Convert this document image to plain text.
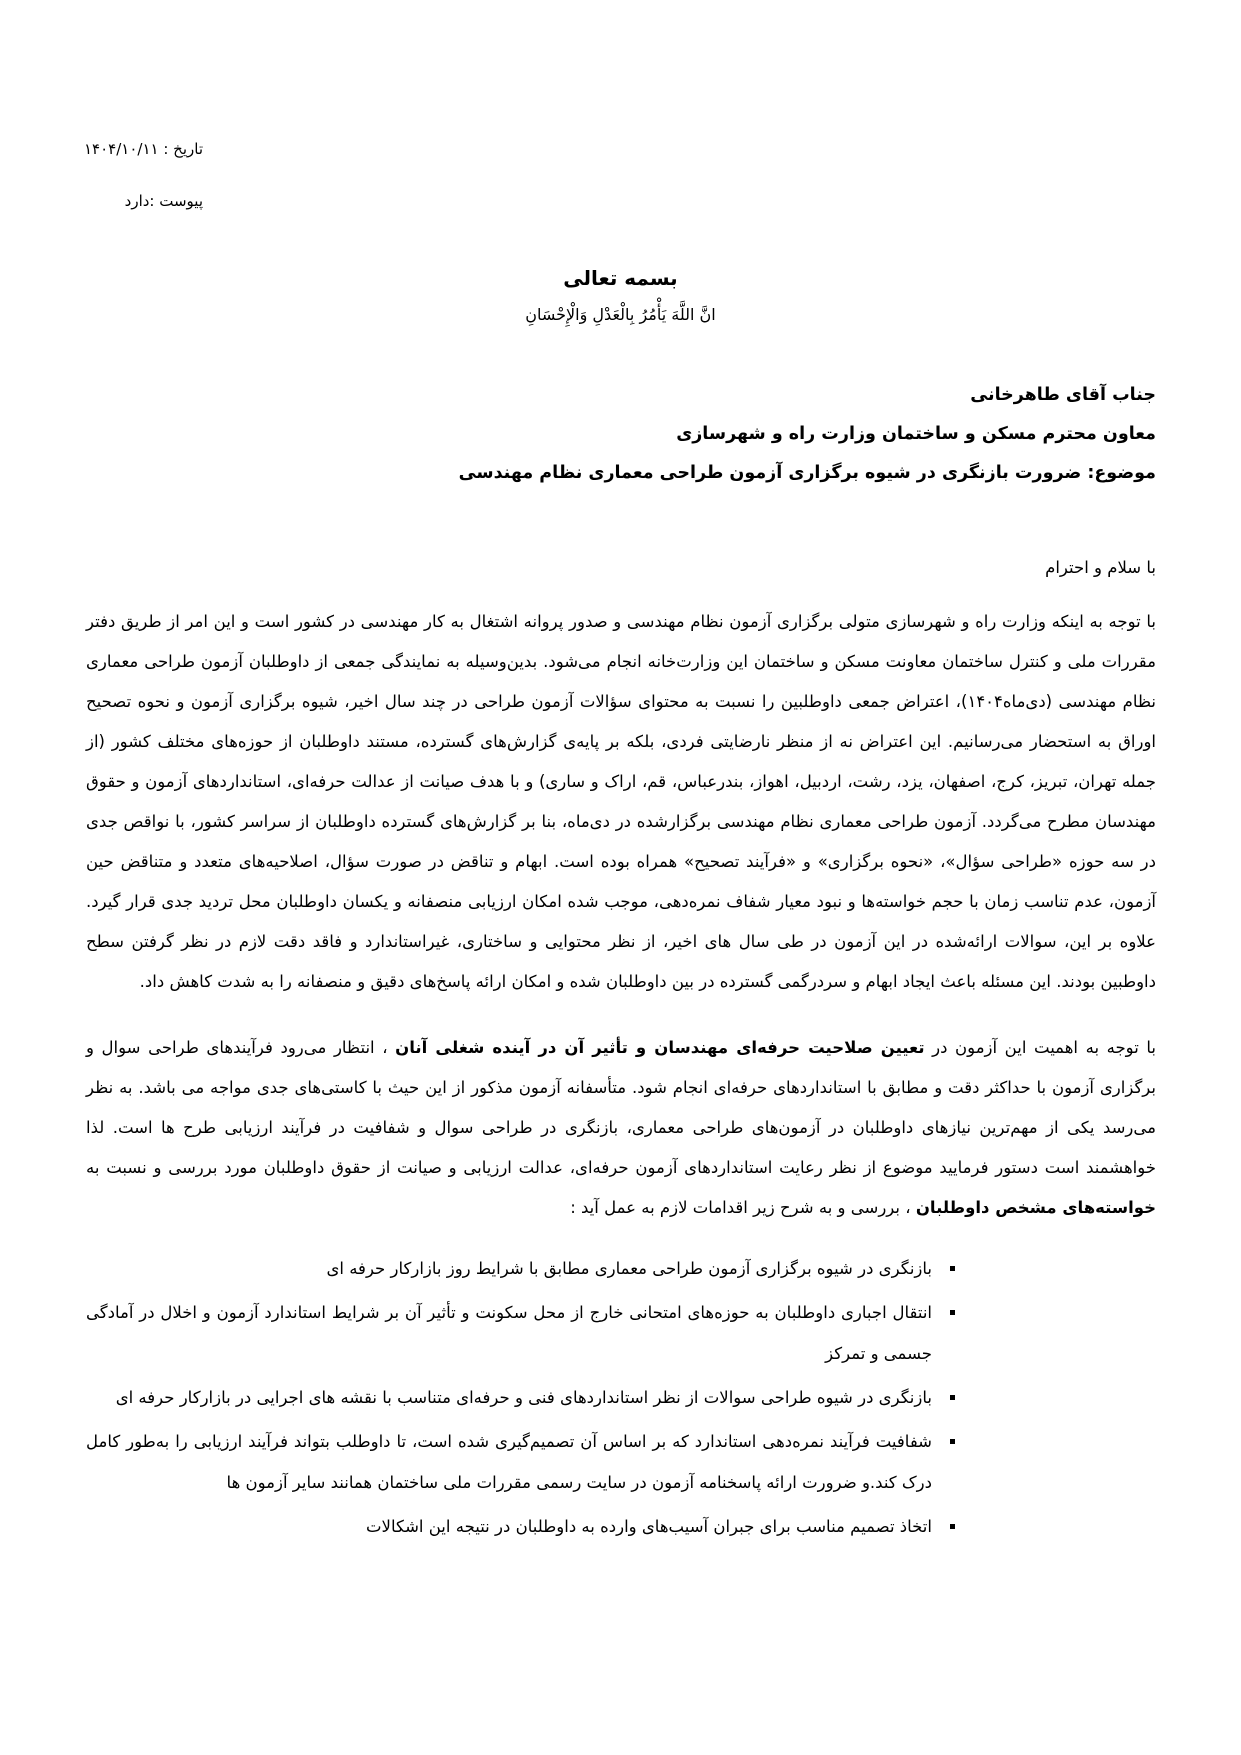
تاریخ : ۱۴۰۴/۱۰/۱۱
پیوست :دارد
بسمه تعالی
انَّ اللَّهَ يَأْمُرُ بِالْعَدْلِ وَالْإِحْسَانِ
جناب آقای طاهرخانی
معاون محترم مسکن و ساختمان وزارت راه و شهرسازی
موضوع: ضرورت بازنگری در شیوه برگزاری آزمون طراحی معماری نظام مهندسی

با سلام و احترام

با توجه به اینکه وزارت راه و شهرسازی متولی برگزاری آزمون نظام مهندسی و صدور پروانه اشتغال به کار مهندسی در کشور است و این امر از طریق دفتر مقررات ملی و کنترل ساختمان معاونت مسکن و ساختمان این وزارت‌خانه انجام می‌شود. بدین‌وسیله به نمایندگی جمعی از داوطلبان آزمون طراحی معماری نظام مهندسی (دی‌ماه۱۴۰۴)، اعتراض جمعی داوطلبین را نسبت به محتوای سؤالات آزمون طراحی در چند سال اخیر، شیوه برگزاری آزمون و نحوه تصحیح اوراق به استحضار می‌رسانیم. این اعتراض نه از منظر نارضایتی فردی، بلکه بر پایه‌ی گزارش‌های گسترده، مستند داوطلبان از حوزه‌های مختلف کشور (از جمله تهران، تبریز، کرج، اصفهان، یزد، رشت، اردبیل، اهواز، بندرعباس، قم، اراک و ساری) و با هدف صیانت از عدالت حرفه‌ای، استانداردهای آزمون و حقوق مهندسان مطرح می‌گردد. آزمون طراحی معماری نظام مهندسی برگزارشده در دی‌ماه، بنا بر گزارش‌های گسترده داوطلبان از سراسر کشور، با نواقص جدی در سه حوزه «طراحی سؤال»، «نحوه برگزاری» و «فرآیند تصحیح» همراه بوده است. ابهام و تناقض در صورت سؤال، اصلاحیه‌های متعدد و متناقض حین آزمون، عدم تناسب زمان با حجم خواسته‌ها و نبود معیار شفاف نمره‌دهی، موجب شده امکان ارزیابی منصفانه و یکسان داوطلبان محل تردید جدی قرار گیرد. علاوه بر این، سوالات ارائه‌شده در این آزمون در طی سال های اخیر، از نظر محتوایی و ساختاری، غیراستاندارد و فاقد دقت لازم در نظر گرفتن سطح داوطبین بودند. این مسئله باعث ایجاد ابهام و سردرگمی گسترده در بین داوطلبان شده و امکان ارائه پاسخ‌های دقیق و منصفانه را به شدت کاهش داد.

با توجه به اهمیت این آزمون در تعیین صلاحیت حرفه‌ای مهندسان و تأثیر آن در آینده شغلی آنان ، انتظار می‌رود فرآیندهای طراحی سوال و برگزاری آزمون با حداکثر دقت و مطابق با استانداردهای حرفه‌ای انجام شود. متأسفانه آزمون مذکور از این حیث با کاستی‌های جدی مواجه می باشد. به نظر می‌رسد یکی از مهم‌ترین نیازهای داوطلبان در آزمون‌های طراحی معماری، بازنگری در طراحی سوال و شفافیت در فرآیند ارزیابی طرح ها است. لذا خواهشمند است دستور فرمایید موضوع از نظر رعایت استانداردهای آزمون حرفه‌ای، عدالت ارزیابی و صیانت از حقوق داوطلبان مورد بررسی و نسبت به خواسته‌های مشخص داوطلبان ، بررسی و به شرح زیر اقدامات لازم به عمل آید :

▪ بازنگری در شیوه برگزاری آزمون طراحی معماری مطابق با شرایط روز بازارکار حرفه ای
▪ انتقال اجباری داوطلبان به حوزه‌های امتحانی خارج از محل سکونت و تأثیر آن بر شرایط استاندارد آزمون و اخلال در آمادگی جسمی و تمرکز
▪ بازنگری در شیوه طراحی سوالات از نظر استانداردهای فنی و حرفه‌ای متناسب با نقشه های اجرایی در بازارکار حرفه ای
▪ شفافیت فرآیند نمره‌دهی استاندارد که بر اساس آن تصمیم‌گیری شده است، تا داوطلب بتواند فرآیند ارزیابی را به‌طور کامل درک کند.و ضرورت ارائه پاسخنامه آزمون در سایت رسمی مقررات ملی ساختمان همانند سایر آزمون ها
▪ اتخاذ تصمیم مناسب برای جبران آسیب‌های وارده به داوطلبان در نتیجه این اشکالات
